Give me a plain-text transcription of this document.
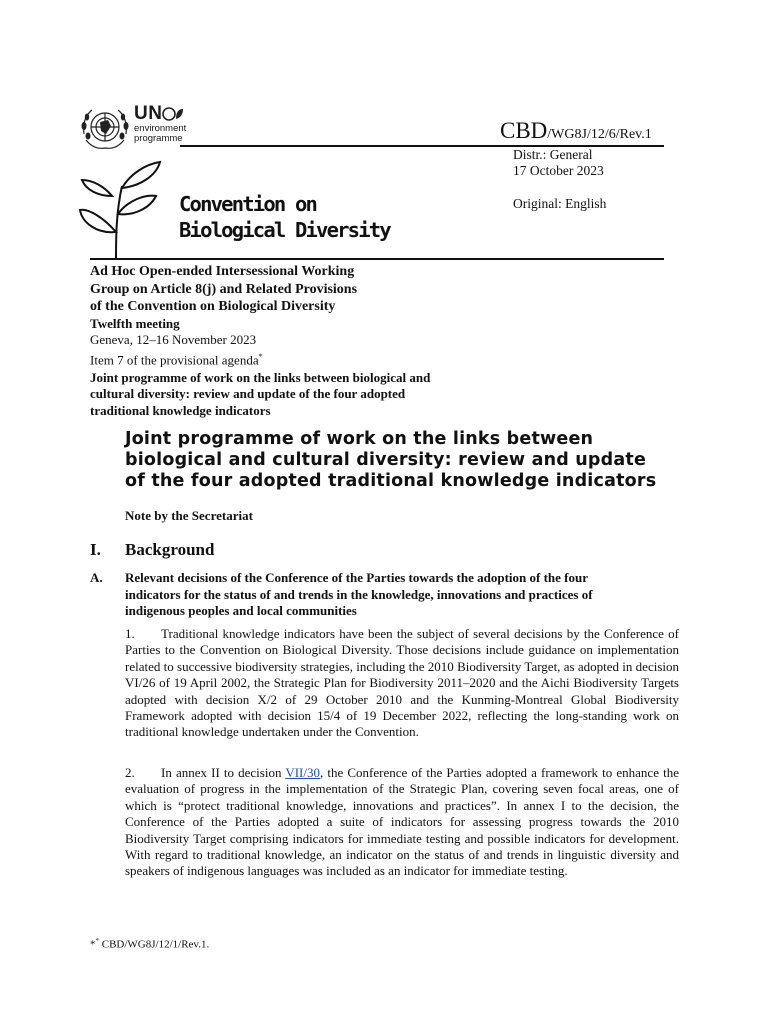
UN
environment
programme	CBD/WG8J/12/6/Rev.1
Distr.: General
17 October 2023
Original: English
Convention on
Biological Diversity
Ad Hoc Open-ended Intersessional Working
Group on Article 8(j) and Related Provisions
of the Convention on Biological Diversity
Twelfth meeting
Geneva, 12–16 November 2023
Item 7 of the provisional agenda*
Joint programme of work on the links between biological and
cultural diversity: review and update of the four adopted
traditional knowledge indicators
Joint programme of work on the links between
biological and cultural diversity: review and update
of the four adopted traditional knowledge indicators
Note by the Secretariat
I. Background
A. Relevant decisions of the Conference of the Parties towards the adoption of the four indicators for the status of and trends in the knowledge, innovations and practices of indigenous peoples and local communities
1. Traditional knowledge indicators have been the subject of several decisions by the Conference of Parties to the Convention on Biological Diversity. Those decisions include guidance on implementation related to successive biodiversity strategies, including the 2010 Biodiversity Target, as adopted in decision VI/26 of 19 April 2002, the Strategic Plan for Biodiversity 2011–2020 and the Aichi Biodiversity Targets adopted with decision X/2 of 29 October 2010 and the Kunming-Montreal Global Biodiversity Framework adopted with decision 15/4 of 19 December 2022, reflecting the long-standing work on traditional knowledge undertaken under the Convention.
2. In annex II to decision VII/30, the Conference of the Parties adopted a framework to enhance the evaluation of progress in the implementation of the Strategic Plan, covering seven focal areas, one of which is “protect traditional knowledge, innovations and practices”. In annex I to the decision, the Conference of the Parties adopted a suite of indicators for assessing progress towards the 2010 Biodiversity Target comprising indicators for immediate testing and possible indicators for development. With regard to traditional knowledge, an indicator on the status of and trends in linguistic diversity and speakers of indigenous languages was included as an indicator for immediate testing.
** CBD/WG8J/12/1/Rev.1.
